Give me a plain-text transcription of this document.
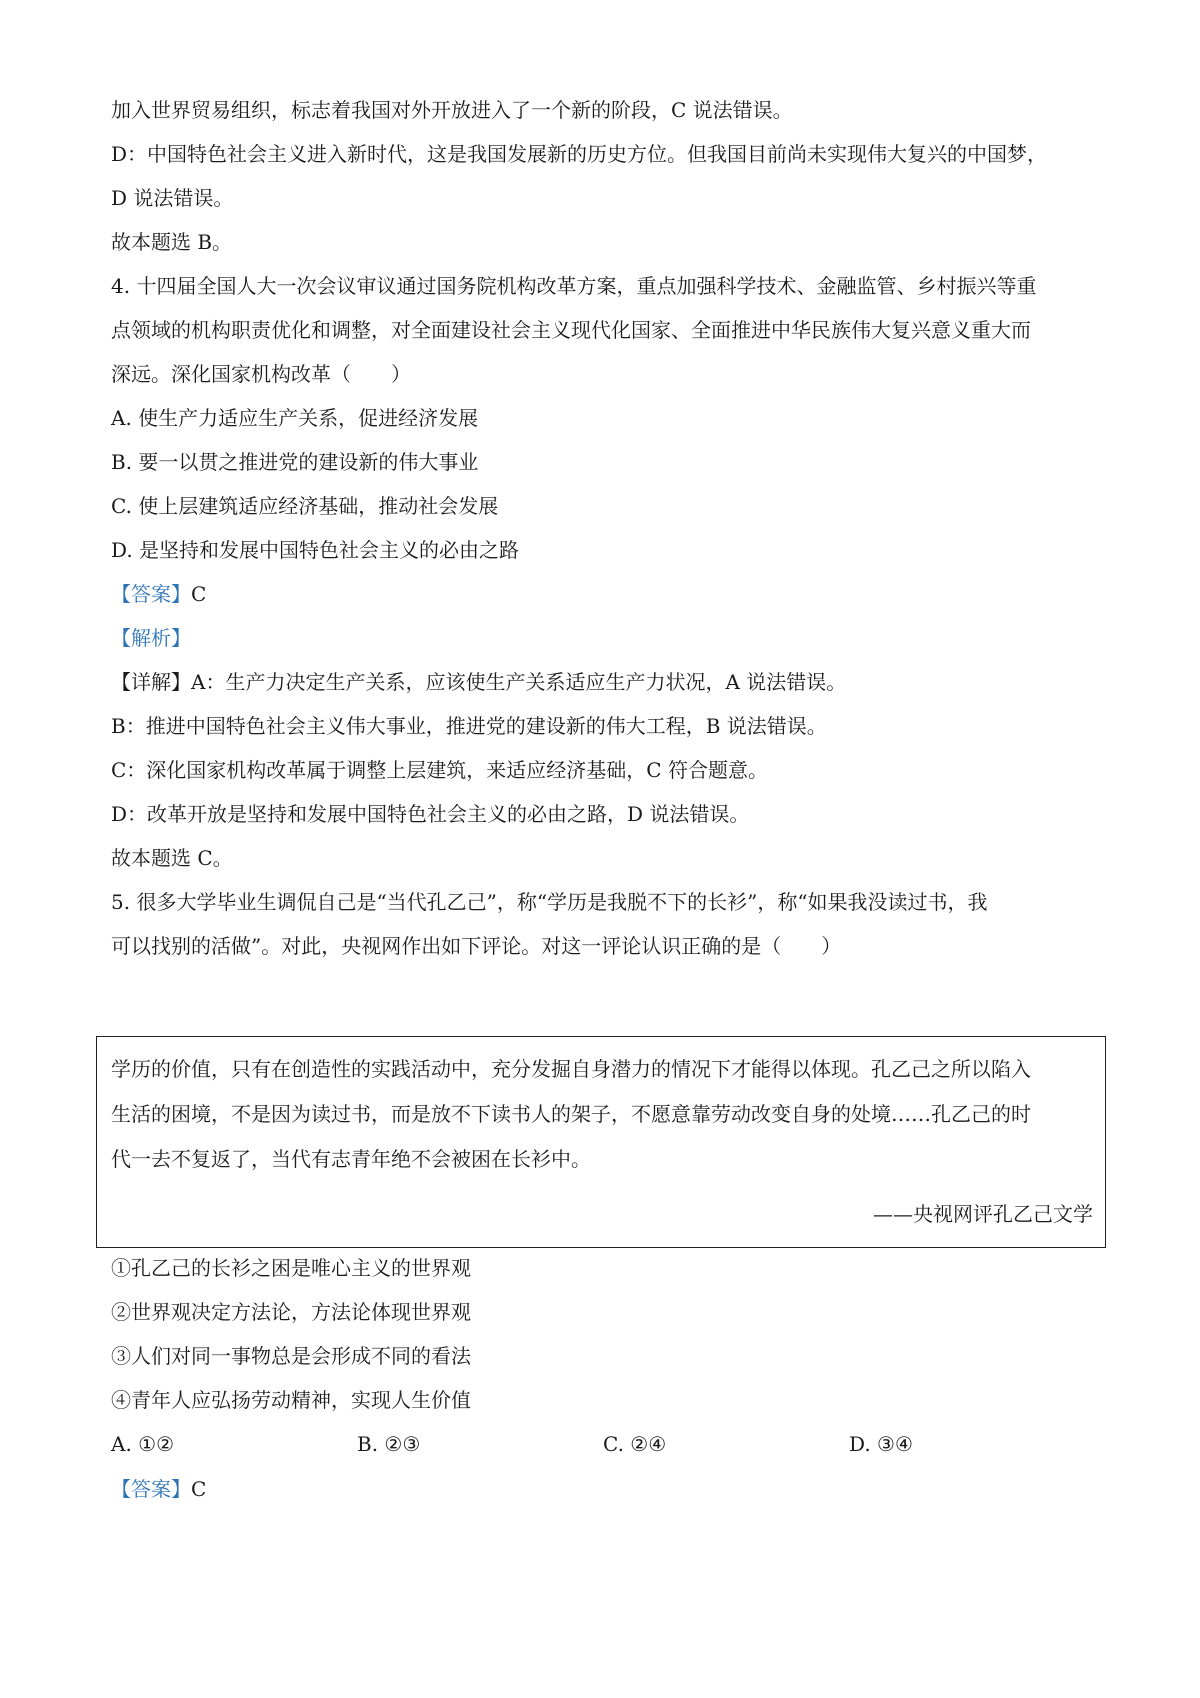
加入世界贸易组织，标志着我国对外开放进入了一个新的阶段，C 说法错误。
D：中国特色社会主义进入新时代，这是我国发展新的历史方位。但我国目前尚未实现伟大复兴的中国梦，
D 说法错误。
故本题选 B。
4. 十四届全国人大一次会议审议通过国务院机构改革方案，重点加强科学技术、金融监管、乡村振兴等重
点领域的机构职责优化和调整，对全面建设社会主义现代化国家、全面推进中华民族伟大复兴意义重大而
深远。深化国家机构改革（　　）
A. 使生产力适应生产关系，促进经济发展
B. 要一以贯之推进党的建设新的伟大事业
C. 使上层建筑适应经济基础，推动社会发展
D. 是坚持和发展中国特色社会主义的必由之路
【答案】C
【解析】
【详解】A：生产力决定生产关系，应该使生产关系适应生产力状况，A 说法错误。
B：推进中国特色社会主义伟大事业，推进党的建设新的伟大工程，B 说法错误。
C：深化国家机构改革属于调整上层建筑，来适应经济基础，C 符合题意。
D：改革开放是坚持和发展中国特色社会主义的必由之路，D 说法错误。
故本题选 C。
5. 很多大学毕业生调侃自己是“当代孔乙己”，称“学历是我脱不下的长衫”，称“如果我没读过书，我
可以找别的活做”。对此，央视网作出如下评论。对这一评论认识正确的是（　　）
学历的价值，只有在创造性的实践活动中，充分发掘自身潜力的情况下才能得以体现。孔乙己之所以陷入
生活的困境，不是因为读过书，而是放不下读书人的架子，不愿意靠劳动改变自身的处境……孔乙己的时
代一去不复返了，当代有志青年绝不会被困在长衫中。
——央视网评孔乙己文学
①孔乙己的长衫之困是唯心主义的世界观
②世界观决定方法论，方法论体现世界观
③人们对同一事物总是会形成不同的看法
④青年人应弘扬劳动精神，实现人生价值
A. ①②	B. ②③	C. ②④	D. ③④
【答案】C
